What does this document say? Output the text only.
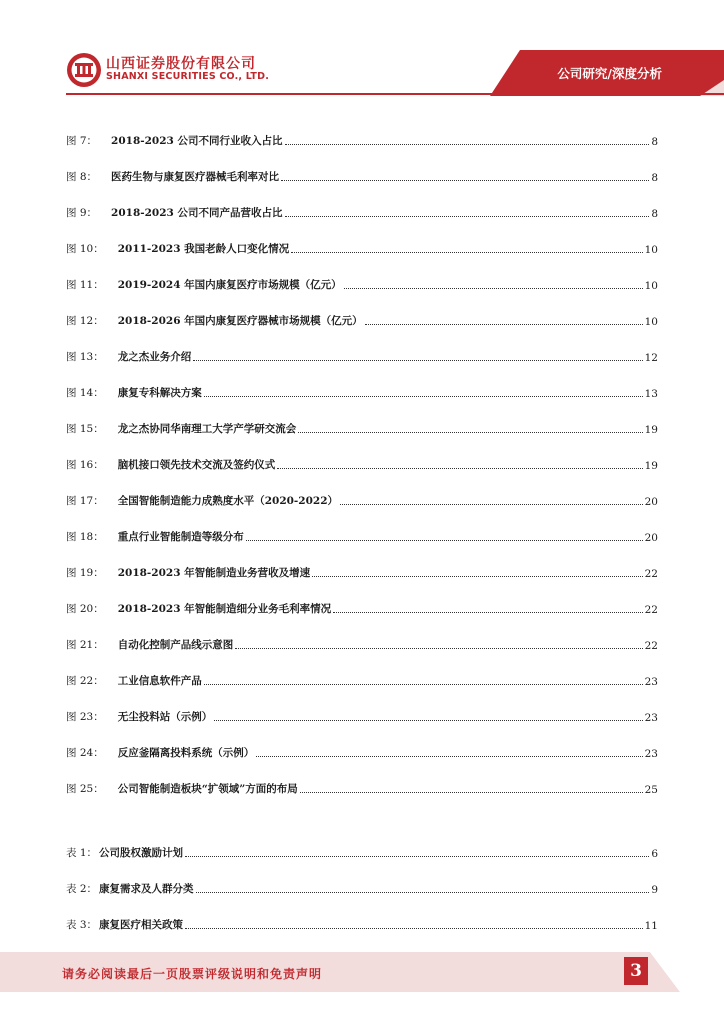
山西证券股份有限公司
SHANXI SECURITIES CO., LTD.	公司研究/深度分析
图 7：	2018-2023 公司不同行业收入占比	8
图 8：	医药生物与康复医疗器械毛利率对比	8
图 9：	2018-2023 公司不同产品营收占比	8
图 10：	2011-2023 我国老龄人口变化情况	10
图 11：	2019-2024 年国内康复医疗市场规模（亿元）	10
图 12：	2018-2026 年国内康复医疗器械市场规模（亿元）	10
图 13：	龙之杰业务介绍	12
图 14：	康复专科解决方案	13
图 15：	龙之杰协同华南理工大学产学研交流会	19
图 16：	脑机接口领先技术交流及签约仪式	19
图 17：	全国智能制造能力成熟度水平（2020-2022）	20
图 18：	重点行业智能制造等级分布	20
图 19：	2018-2023 年智能制造业务营收及增速	22
图 20：	2018-2023 年智能制造细分业务毛利率情况	22
图 21：	自动化控制产品线示意图	22
图 22：	工业信息软件产品	23
图 23：	无尘投料站（示例）	23
图 24：	反应釜隔离投料系统（示例）	23
图 25：	公司智能制造板块“扩领域”方面的布局	25
表 1： 公司股权激励计划	6
表 2： 康复需求及人群分类	9
表 3： 康复医疗相关政策	11
请务必阅读最后一页股票评级说明和免责声明	3
